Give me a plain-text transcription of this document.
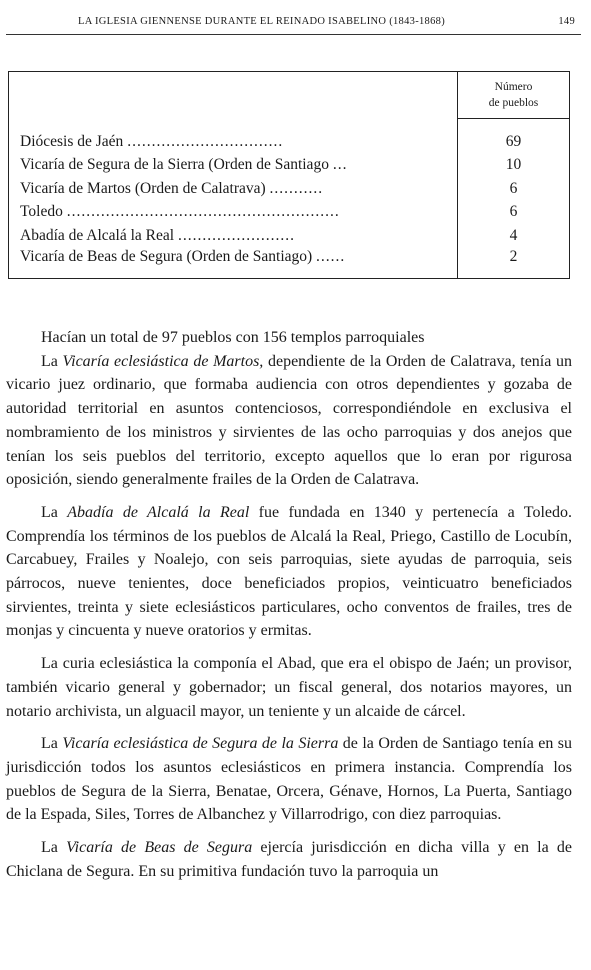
LA IGLESIA GIENNENSE DURANTE EL REINADO ISABELINO (1843-1868)	149
	Número
de pueblos

Diócesis de Jaén ................................	69
Vicaría de Segura de la Sierra (Orden de Santiago ...	10
Vicaría de Martos (Orden de Calatrava) ...........	6
Toledo ........................................................	6
Abadía de Alcalá la Real ........................	4
Vicaría de Beas de Segura (Orden de Santiago) ......	2

Hacían un total de 97 pueblos con 156 templos parroquiales

La Vicaría eclesiástica de Martos, dependiente de la Orden de Calatrava, tenía un vicario juez ordinario, que formaba audiencia con otros dependientes y gozaba de autoridad territorial en asuntos contenciosos, correspondiéndole en exclusiva el nombramiento de los ministros y sirvientes de las ocho parroquias y dos anejos que tenían los seis pueblos del territorio, excepto aquellos que lo eran por rigurosa oposición, siendo generalmente frailes de la Orden de Calatrava.

La Abadía de Alcalá la Real fue fundada en 1340 y pertenecía a Toledo. Comprendía los términos de los pueblos de Alcalá la Real, Priego, Castillo de Locubín, Carcabuey, Frailes y Noalejo, con seis parroquias, siete ayudas de parroquia, seis párrocos, nueve tenientes, doce beneficiados propios, veinticuatro beneficiados sirvientes, treinta y siete eclesiásticos particulares, ocho conventos de frailes, tres de monjas y cincuenta y nueve oratorios y ermitas.

La curia eclesiástica la componía el Abad, que era el obispo de Jaén; un provisor, también vicario general y gobernador; un fiscal general, dos notarios mayores, un notario archivista, un alguacil mayor, un teniente y un alcaide de cárcel.

La Vicaría eclesiástica de Segura de la Sierra de la Orden de Santiago tenía en su jurisdicción todos los asuntos eclesiásticos en primera instancia. Comprendía los pueblos de Segura de la Sierra, Benatae, Orcera, Génave, Hornos, La Puerta, Santiago de la Espada, Siles, Torres de Albanchez y Villarrodrigo, con diez parroquias.

La Vicaría de Beas de Segura ejercía jurisdicción en dicha villa y en la de Chiclana de Segura. En su primitiva fundación tuvo la parroquia un
